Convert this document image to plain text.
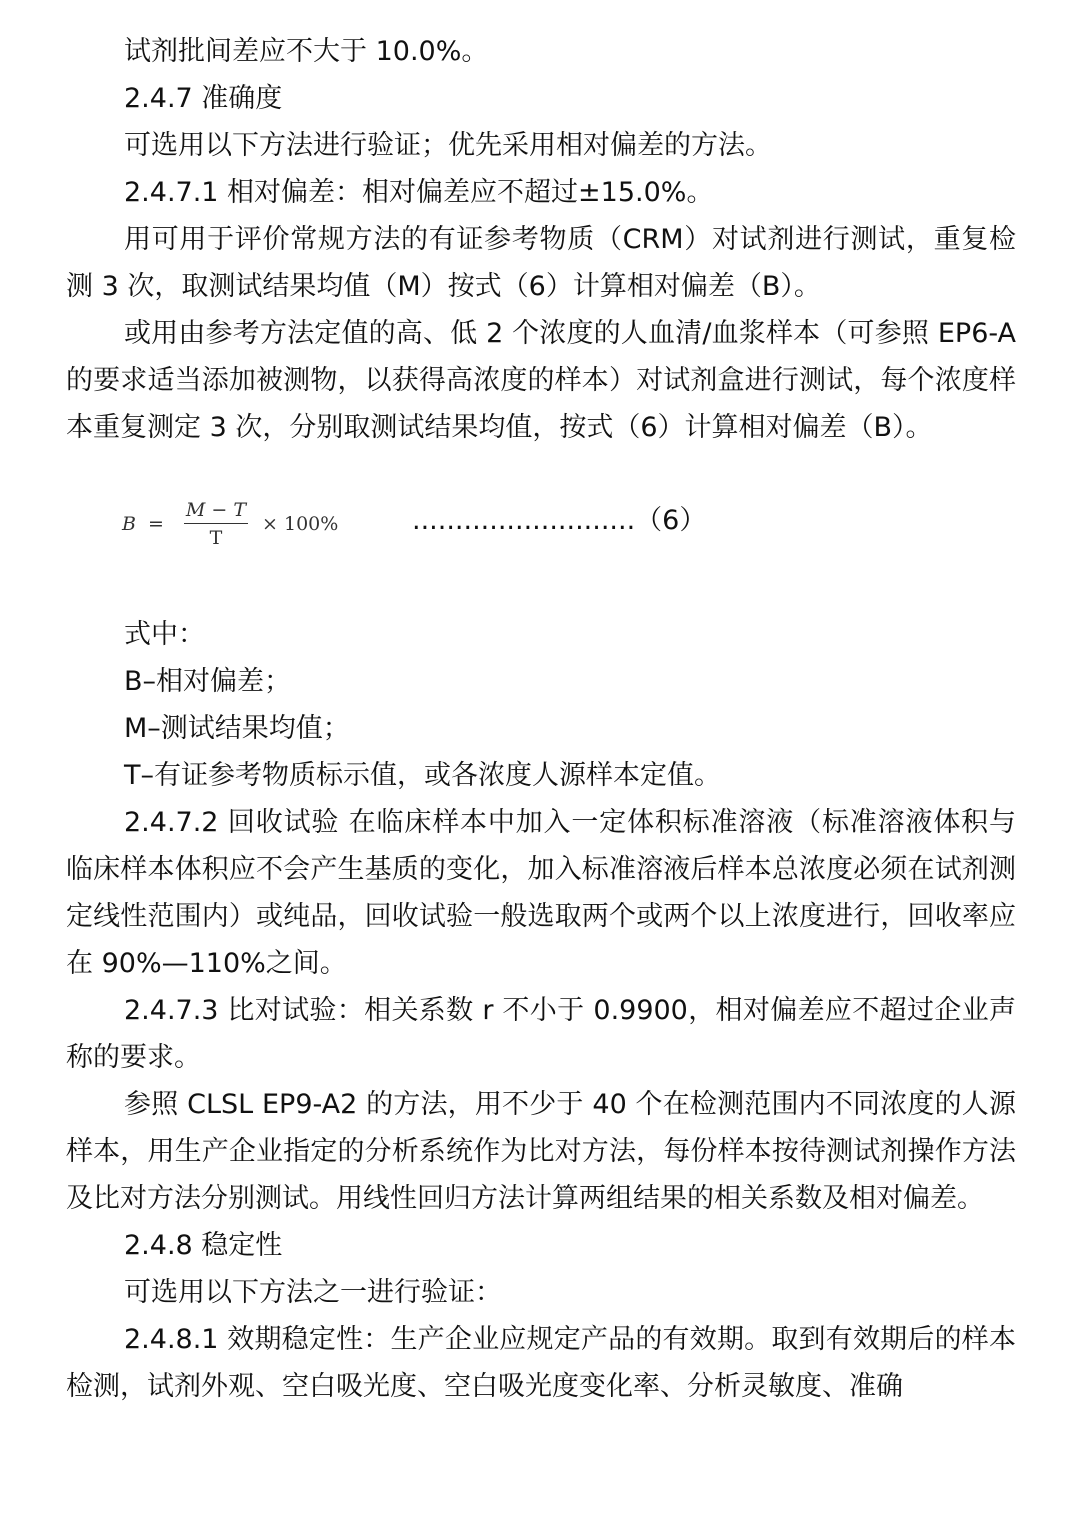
试剂批间差应不大于 10.0%。

2.4.7 准确度

可选用以下方法进行验证；优先采用相对偏差的方法。

2.4.7.1 相对偏差：相对偏差应不超过±15.0%。

用可用于评价常规方法的有证参考物质（CRM）对试剂进行测试，重复检测 3 次，取测试结果均值（M）按式（6）计算相对偏差（B）。

或用由参考方法定值的高、低 2 个浓度的人血清/血浆样本（可参照 EP6-A 的要求适当添加被测物，以获得高浓度的样本）对试剂盒进行测试，每个浓度样本重复测定 3 次，分别取测试结果均值，按式（6）计算相对偏差（B）。

$B = \frac{M - T}{T} \times 100\%$	..........................（6）

式中：

B–相对偏差；

M–测试结果均值；

T–有证参考物质标示值，或各浓度人源样本定值。

2.4.7.2 回收试验 在临床样本中加入一定体积标准溶液（标准溶液体积与临床样本体积应不会产生基质的变化，加入标准溶液后样本总浓度必须在试剂测定线性范围内）或纯品，回收试验一般选取两个或两个以上浓度进行，回收率应在 90%—110%之间。

2.4.7.3 比对试验：相关系数 r 不小于 0.9900，相对偏差应不超过企业声称的要求。

参照 CLSL EP9-A2 的方法，用不少于 40 个在检测范围内不同浓度的人源样本，用生产企业指定的分析系统作为比对方法，每份样本按待测试剂操作方法及比对方法分别测试。用线性回归方法计算两组结果的相关系数及相对偏差。

2.4.8 稳定性

可选用以下方法之一进行验证：

2.4.8.1 效期稳定性：生产企业应规定产品的有效期。取到有效期后的样本检测，试剂外观、空白吸光度、空白吸光度变化率、分析灵敏度、准确
